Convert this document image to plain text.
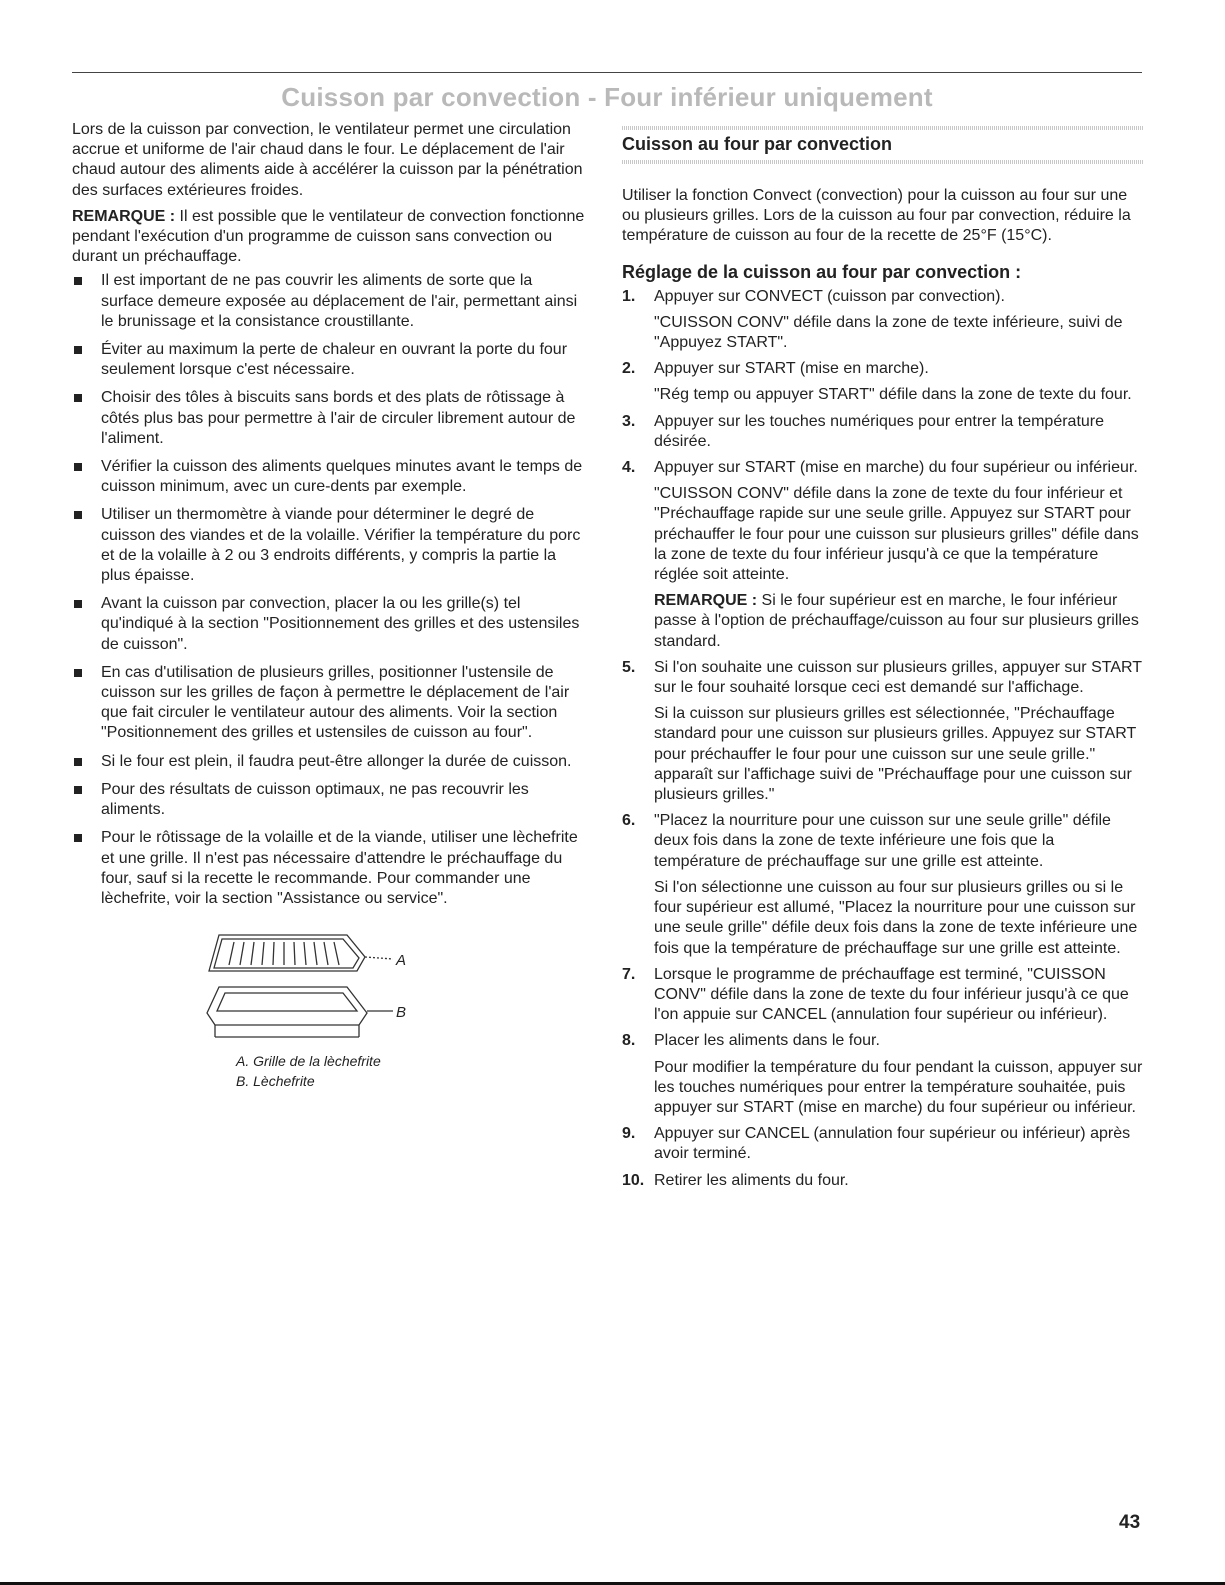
Cuisson par convection - Four inférieur uniquement

Lors de la cuisson par convection, le ventilateur permet une circulation accrue et uniforme de l'air chaud dans le four. Le déplacement de l'air chaud autour des aliments aide à accélérer la cuisson par la pénétration des surfaces extérieures froides.

REMARQUE : Il est possible que le ventilateur de convection fonctionne pendant l'exécution d'un programme de cuisson sans convection ou durant un préchauffage.

Il est important de ne pas couvrir les aliments de sorte que la surface demeure exposée au déplacement de l'air, permettant ainsi le brunissage et la consistance croustillante.
Éviter au maximum la perte de chaleur en ouvrant la porte du four seulement lorsque c'est nécessaire.
Choisir des tôles à biscuits sans bords et des plats de rôtissage à côtés plus bas pour permettre à l'air de circuler librement autour de l'aliment.
Vérifier la cuisson des aliments quelques minutes avant le temps de cuisson minimum, avec un cure-dents par exemple.
Utiliser un thermomètre à viande pour déterminer le degré de cuisson des viandes et de la volaille. Vérifier la température du porc et de la volaille à 2 ou 3 endroits différents, y compris la partie la plus épaisse.
Avant la cuisson par convection, placer la ou les grille(s) tel qu'indiqué à la section "Positionnement des grilles et des ustensiles de cuisson".
En cas d'utilisation de plusieurs grilles, positionner l'ustensile de cuisson sur les grilles de façon à permettre le déplacement de l'air que fait circuler le ventilateur autour des aliments. Voir la section "Positionnement des grilles et ustensiles de cuisson au four".
Si le four est plein, il faudra peut-être allonger la durée de cuisson.
Pour des résultats de cuisson optimaux, ne pas recouvrir les aliments.
Pour le rôtissage de la volaille et de la viande, utiliser une lèchefrite et une grille. Il n'est pas nécessaire d'attendre le préchauffage du four, sauf si la recette le recommande. Pour commander une lèchefrite, voir la section "Assistance ou service".
A
B
A. Grille de la lèchefrite
B. Lèchefrite
Cuisson au four par convection

Utiliser la fonction Convect (convection) pour la cuisson au four sur une ou plusieurs grilles. Lors de la cuisson au four par convection, réduire la température de cuisson au four de la recette de 25°F (15°C).

Réglage de la cuisson au four par convection :
1. Appuyer sur CONVECT (cuisson par convection).

"CUISSON CONV" défile dans la zone de texte inférieure, suivi de "Appuyez START".

2. Appuyer sur START (mise en marche).

"Rég temp ou appuyer START" défile dans la zone de texte du four.

3. Appuyer sur les touches numériques pour entrer la température désirée.

4. Appuyer sur START (mise en marche) du four supérieur ou inférieur.

"CUISSON CONV" défile dans la zone de texte du four inférieur et "Préchauffage rapide sur une seule grille. Appuyez sur START pour préchauffer le four pour une cuisson sur plusieurs grilles" défile dans la zone de texte du four inférieur jusqu'à ce que la température réglée soit atteinte.

REMARQUE : Si le four supérieur est en marche, le four inférieur passe à l'option de préchauffage/cuisson au four sur plusieurs grilles standard.

5. Si l'on souhaite une cuisson sur plusieurs grilles, appuyer sur START sur le four souhaité lorsque ceci est demandé sur l'affichage.

Si la cuisson sur plusieurs grilles est sélectionnée, "Préchauffage standard pour une cuisson sur plusieurs grilles. Appuyez sur START pour préchauffer le four pour une cuisson sur une seule grille." apparaît sur l'affichage suivi de "Préchauffage pour une cuisson sur plusieurs grilles."

6. "Placez la nourriture pour une cuisson sur une seule grille" défile deux fois dans la zone de texte inférieure une fois que la température de préchauffage sur une grille est atteinte.

Si l'on sélectionne une cuisson au four sur plusieurs grilles ou si le four supérieur est allumé, "Placez la nourriture pour une cuisson sur une seule grille" défile deux fois dans la zone de texte inférieure une fois que la température de préchauffage sur une grille est atteinte.

7. Lorsque le programme de préchauffage est terminé, "CUISSON CONV" défile dans la zone de texte du four inférieur jusqu'à ce que l'on appuie sur CANCEL (annulation four supérieur ou inférieur).

8. Placer les aliments dans le four.

Pour modifier la température du four pendant la cuisson, appuyer sur les touches numériques pour entrer la température souhaitée, puis appuyer sur START (mise en marche) du four supérieur ou inférieur.

9. Appuyer sur CANCEL (annulation four supérieur ou inférieur) après avoir terminé.

10. Retirer les aliments du four.

43
